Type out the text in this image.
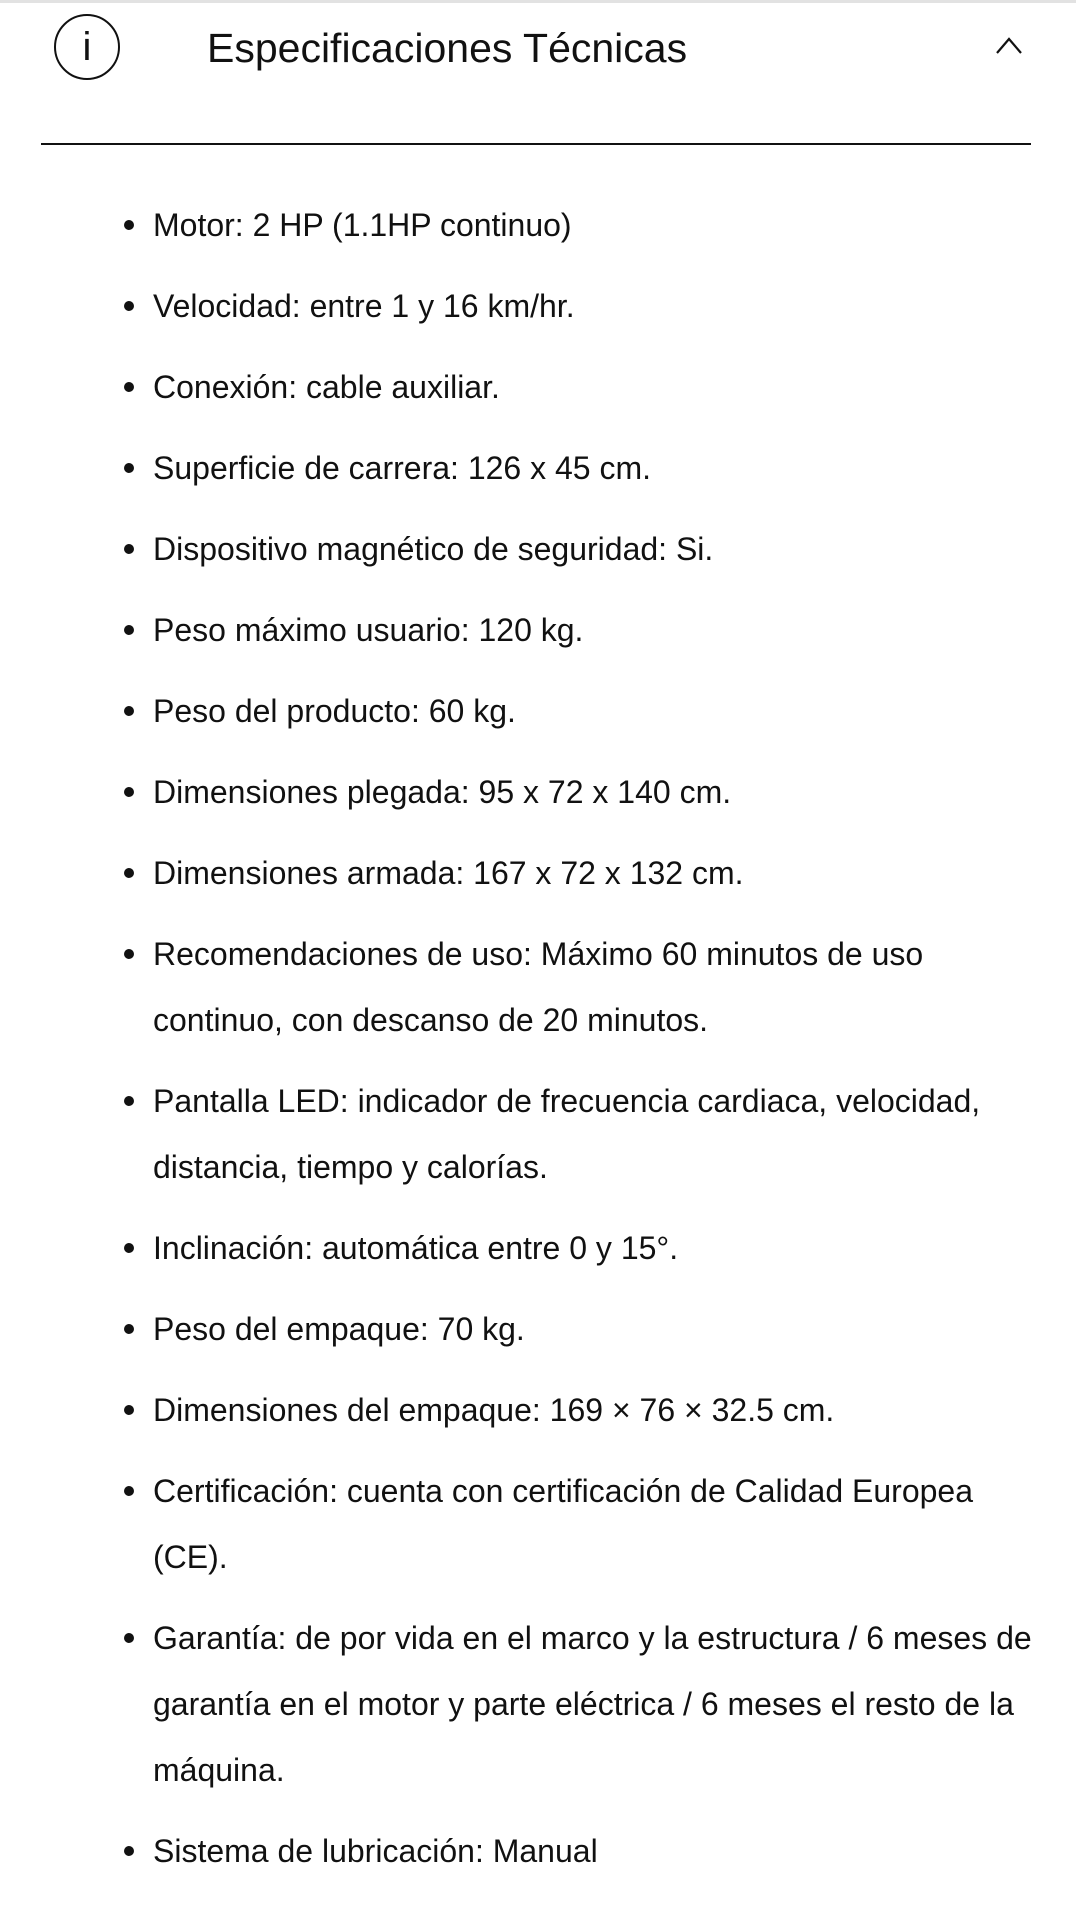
i	Especificaciones Técnicas
Motor: 2 HP (1.1HP continuo)
Velocidad: entre 1 y 16 km/hr.
Conexión: cable auxiliar.
Superficie de carrera: 126 x 45 cm.
Dispositivo magnético de seguridad: Si.
Peso máximo usuario: 120 kg.
Peso del producto: 60 kg.
Dimensiones plegada: 95 x 72 x 140 cm.
Dimensiones armada: 167 x 72 x 132 cm.
Recomendaciones de uso: Máximo 60 minutos de uso continuo, con descanso de 20 minutos.
Pantalla LED: indicador de frecuencia cardiaca, velocidad, distancia, tiempo y calorías.
Inclinación: automática entre 0 y 15°.
Peso del empaque: 70 kg.
Dimensiones del empaque: 169 × 76 × 32.5 cm.
Certificación: cuenta con certificación de Calidad Europea (CE).
Garantía: de por vida en el marco y la estructura / 6 meses de garantía en el motor y parte eléctrica / 6 meses el resto de la máquina.
Sistema de lubricación: Manual
